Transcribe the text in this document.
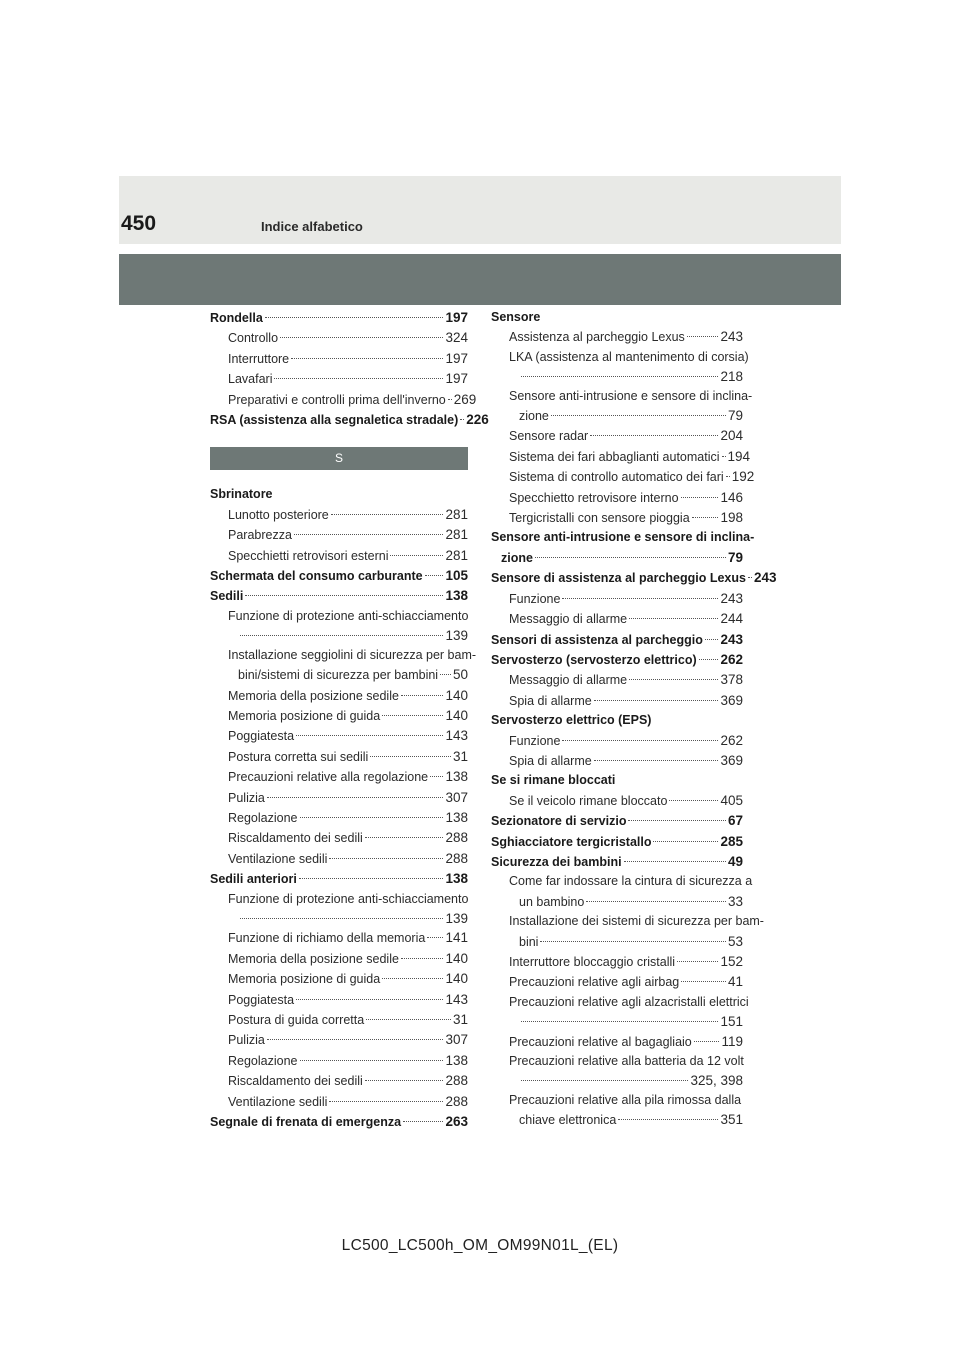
450	Indice alfabetico
Rondella	197
Controllo	324
Interruttore	197
Lavafari	197
Preparativi e controlli prima dell'inverno 269
RSA (assistenza alla segnaletica stradale) 226
S
Sbrinatore
Lunotto posteriore	281
Parabrezza	281
Specchietti retrovisori esterni	281
Schermata del consumo carburante 105
Sedili	138
Funzione di protezione anti-schiacciamento
139
Installazione seggiolini di sicurezza per bam-
bini/sistemi di sicurezza per bambini 50
Memoria della posizione sedile	140
Memoria posizione di guida	140
Poggiatesta	143
Postura corretta sui sedili	31
Precauzioni relative alla regolazione 138
Pulizia	307
Regolazione	138
Riscaldamento dei sedili	288
Ventilazione sedili	288
Sedili anteriori	138
Funzione di protezione anti-schiacciamento
139
Funzione di richiamo della memoria 141
Memoria della posizione sedile	140
Memoria posizione di guida	140
Poggiatesta	143
Postura di guida corretta	31
Pulizia	307
Regolazione	138
Riscaldamento dei sedili	288
Ventilazione sedili	288
Segnale di frenata di emergenza	263
Sensore
Assistenza al parcheggio Lexus	243
LKA (assistenza al mantenimento di corsia)
218
Sensore anti-intrusione e sensore di inclina-
zione	79
Sensore radar	204
Sistema dei fari abbaglianti automatici 194
Sistema di controllo automatico dei fari 192
Specchietto retrovisore interno	146
Tergicristalli con sensore pioggia 198
Sensore anti-intrusione e sensore di inclina-
zione	79
Sensore di assistenza al parcheggio Lexus 243
Funzione	243
Messaggio di allarme	244
Sensori di assistenza al parcheggio 243
Servosterzo (servosterzo elettrico) 262
Messaggio di allarme	378
Spia di allarme	369
Servosterzo elettrico (EPS)
Funzione	262
Spia di allarme	369
Se si rimane bloccati
Se il veicolo rimane bloccato	405
Sezionatore di servizio	67
Sghiacciatore tergicristallo	285
Sicurezza dei bambini	49
Come far indossare la cintura di sicurezza a
un bambino	33
Installazione dei sistemi di sicurezza per bam-
bini	53
Interruttore bloccaggio cristalli	152
Precauzioni relative agli airbag	41
Precauzioni relative agli alzacristalli elettrici
151
Precauzioni relative al bagagliaio 119
Precauzioni relative alla batteria da 12 volt
325, 398
Precauzioni relative alla pila rimossa dalla
chiave elettronica	351
LC500_LC500h_OM_OM99N01L_(EL)
